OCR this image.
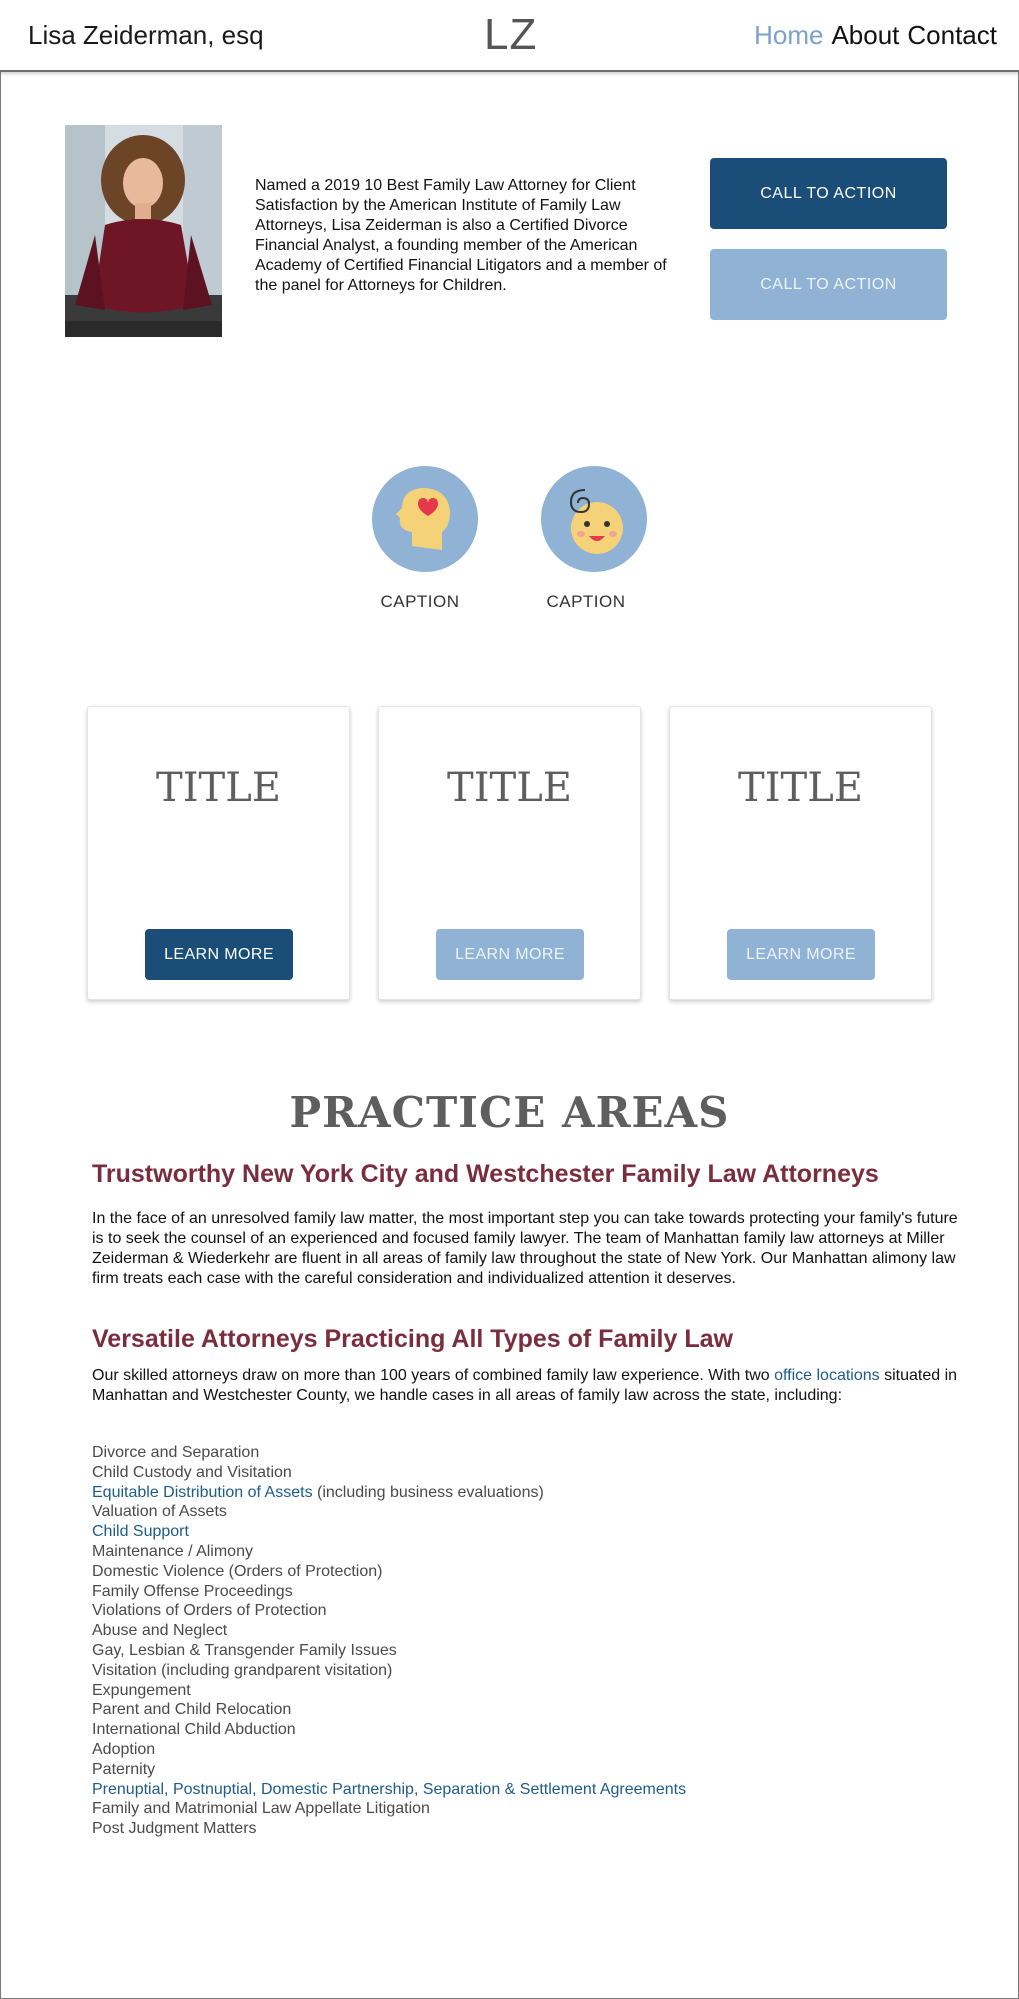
Lisa Zeiderman, esq	LZ	Home About Contact

Named a 2019 10 Best Family Law Attorney for Client Satisfaction by the American Institute of Family Law Attorneys, Lisa Zeiderman is also a Certified Divorce Financial Analyst, a founding member of the American Academy of Certified Financial Litigators and a member of the panel for Attorneys for Children.

CALL TO ACTION
CALL TO ACTION
CAPTION	CAPTION
TITLE
LEARN MORE
TITLE
LEARN MORE
TITLE
LEARN MORE
PRACTICE AREAS
Trustworthy New York City and Westchester Family Law Attorneys

In the face of an unresolved family law matter, the most important step you can take towards protecting your family's future is to seek the counsel of an experienced and focused family lawyer. The team of Manhattan family law attorneys at Miller Zeiderman & Wiederkehr are fluent in all areas of family law throughout the state of New York. Our Manhattan alimony law firm treats each case with the careful consideration and individualized attention it deserves.

Versatile Attorneys Practicing All Types of Family Law

Our skilled attorneys draw on more than 100 years of combined family law experience. With two office locations situated in Manhattan and Westchester County, we handle cases in all areas of family law across the state, including:

Divorce and Separation
Child Custody and Visitation
Equitable Distribution of Assets (including business evaluations)
Valuation of Assets
Child Support
Maintenance / Alimony
Domestic Violence (Orders of Protection)
Family Offense Proceedings
Violations of Orders of Protection
Abuse and Neglect
Gay, Lesbian & Transgender Family Issues
Visitation (including grandparent visitation)
Expungement
Parent and Child Relocation
International Child Abduction
Adoption
Paternity
Prenuptial, Postnuptial, Domestic Partnership, Separation & Settlement Agreements
Family and Matrimonial Law Appellate Litigation
Post Judgment Matters
